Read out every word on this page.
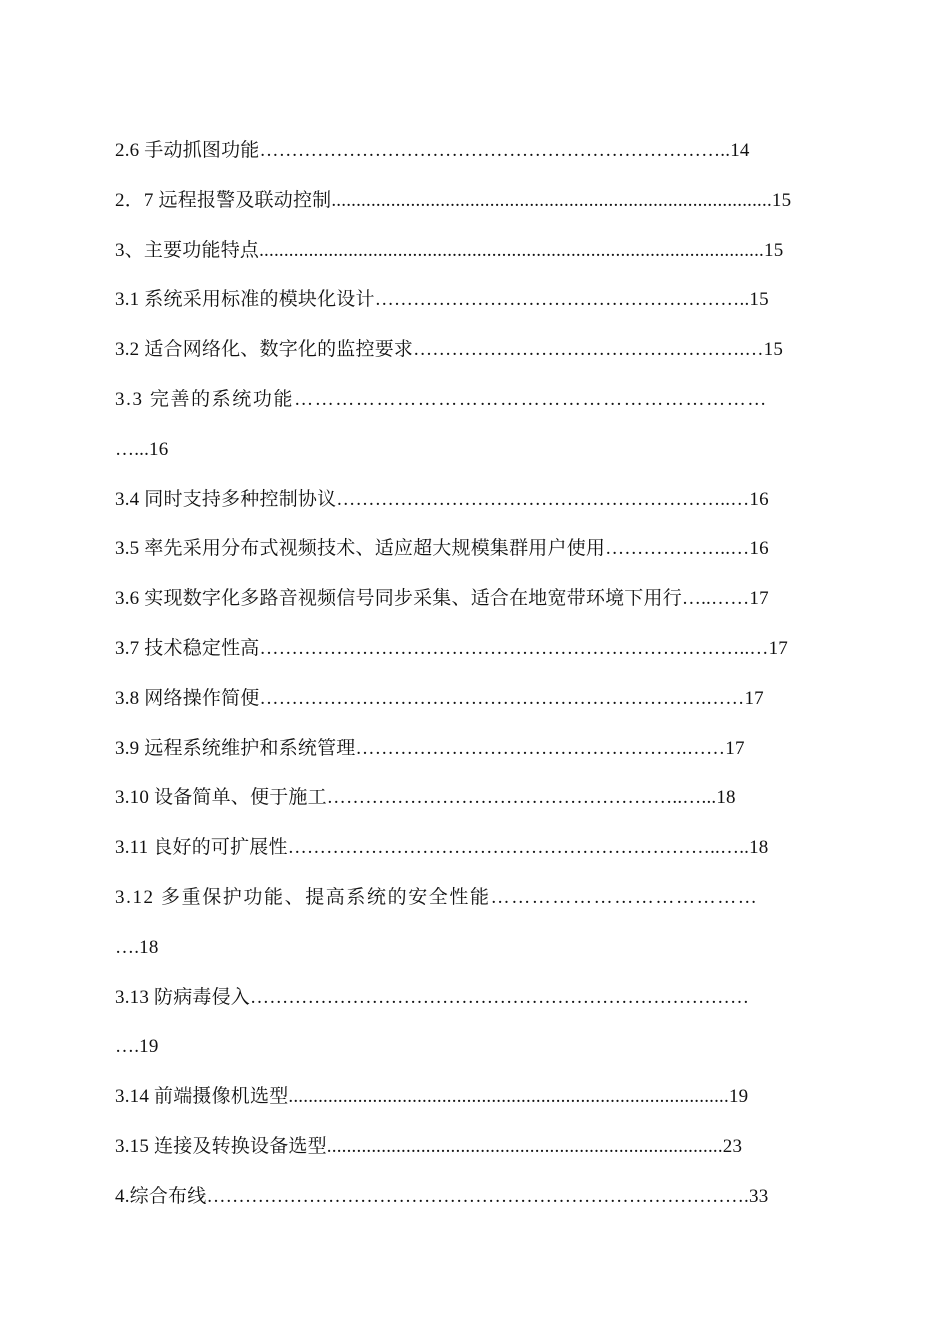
2.6 手动抓图功能………………………………………………………………..14
2．7 远程报警及联动控制.........................................................................................15
3、主要功能特点......................................................................................................15
3.1 系统采用标准的模块化设计…………………………………………………..15
3.2 适合网络化、数字化的监控要求…………………………………………….…15
3.3 完善的系统功能……………………………………………………………
…...16
3.4 同时支持多种控制协议……………………………………………………..…16
3.5 率先采用分布式视频技术、适应超大规模集群用户使用………………..…16
3.6 实现数字化多路音视频信号同步采集、适合在地宽带环境下用行…..……17
3.7 技术稳定性高…………………………………………………………………..…17
3.8 网络操作简便…………………………………………………………….……17
3.9 远程系统维护和系统管理…………………………………………….……17
3.10 设备简单、便于施工………………………………………………..…...18
3.11 良好的可扩展性…………………………………………………………..…..18
3.12 多重保护功能、提高系统的安全性能…………………………………
….18
3.13 防病毒侵入……………………………………………………………………
….19
3.14 前端摄像机选型.........................................................................................19
3.15 连接及转换设备选型................................................................................23
4.综合布线………………………………………………………………………….33
